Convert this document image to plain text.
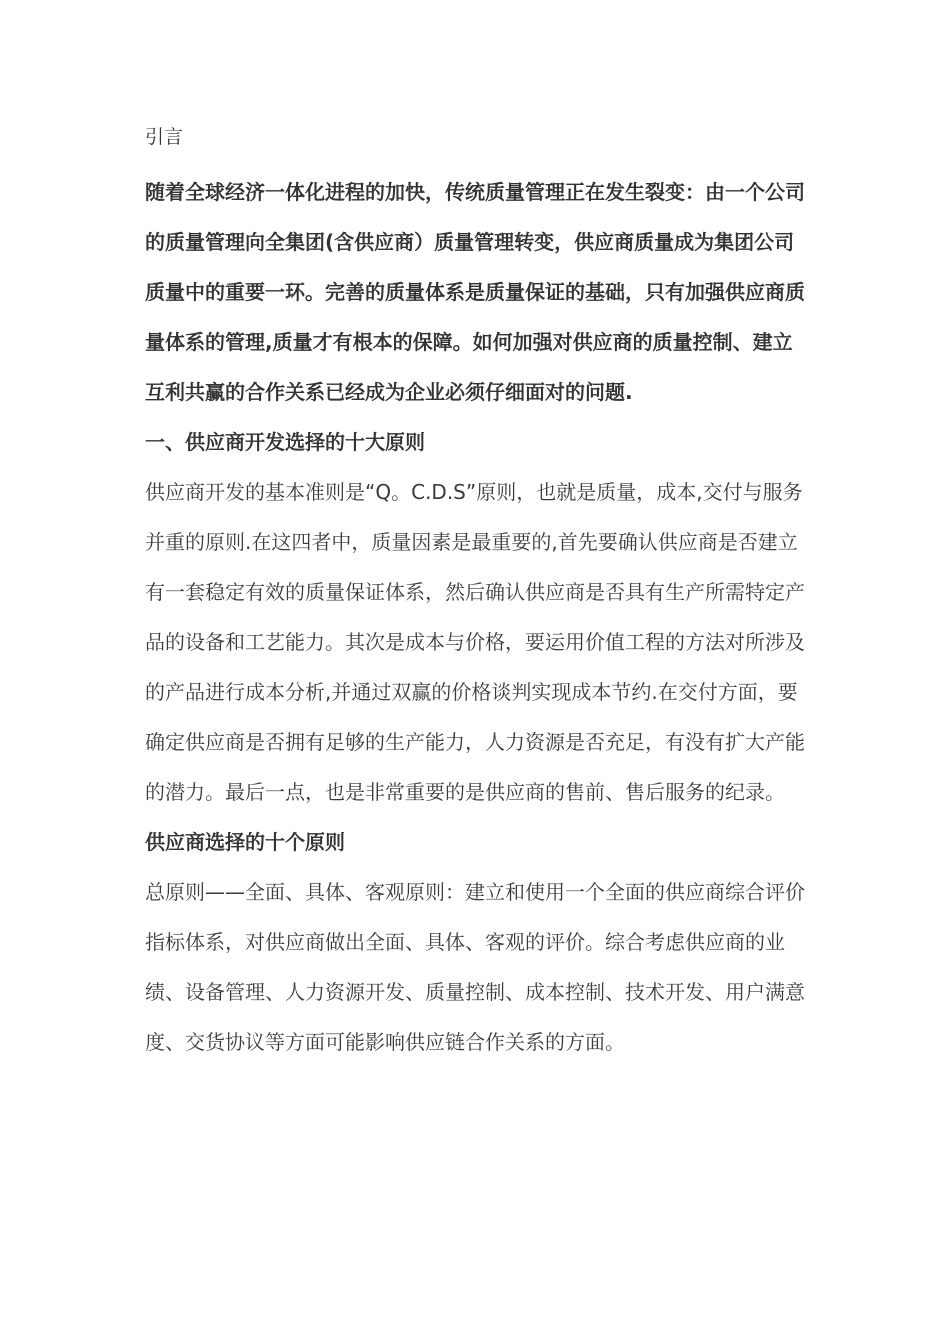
引言

随着全球经济一体化进程的加快，传统质量管理正在发生裂变：由一个公司的质量管理向全集团(含供应商）质量管理转变，供应商质量成为集团公司质量中的重要一环。完善的质量体系是质量保证的基础，只有加强供应商质量体系的管理,质量才有根本的保障。如何加强对供应商的质量控制、建立互利共赢的合作关系已经成为企业必须仔细面对的问题.

一、供应商开发选择的十大原则

供应商开发的基本准则是“Q。C.D.S”原则，也就是质量，成本,交付与服务并重的原则.在这四者中，质量因素是最重要的,首先要确认供应商是否建立有一套稳定有效的质量保证体系，然后确认供应商是否具有生产所需特定产品的设备和工艺能力。其次是成本与价格，要运用价值工程的方法对所涉及的产品进行成本分析,并通过双赢的价格谈判实现成本节约.在交付方面，要确定供应商是否拥有足够的生产能力，人力资源是否充足，有没有扩大产能的潜力。最后一点，也是非常重要的是供应商的售前、售后服务的纪录。

供应商选择的十个原则

总原则——全面、具体、客观原则：建立和使用一个全面的供应商综合评价指标体系，对供应商做出全面、具体、客观的评价。综合考虑供应商的业绩、设备管理、人力资源开发、质量控制、成本控制、技术开发、用户满意度、交货协议等方面可能影响供应链合作关系的方面。
